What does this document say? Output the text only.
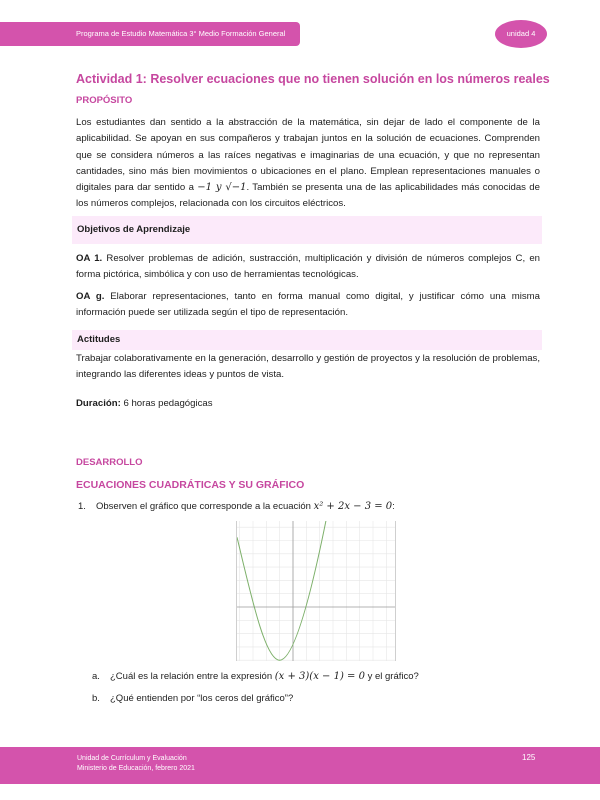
Programa de Estudio Matemática 3° Medio Formación General	unidad 4
Actividad 1: Resolver ecuaciones que no tienen solución en los números reales
PROPÓSITO
Los estudiantes dan sentido a la abstracción de la matemática, sin dejar de lado el componente de la aplicabilidad. Se apoyan en sus compañeros y trabajan juntos en la solución de ecuaciones. Comprenden que se considera números a las raíces negativas e imaginarias de una ecuación, y que no representan cantidades, sino más bien movimientos o ubicaciones en el plano. Emplean representaciones manuales o digitales para dar sentido a −1 y √−1. También se presenta una de las aplicabilidades más conocidas de los números complejos, relacionada con los circuitos eléctricos.
Objetivos de Aprendizaje
OA 1. Resolver problemas de adición, sustracción, multiplicación y división de números complejos C, en forma pictórica, simbólica y con uso de herramientas tecnológicas.
OA g. Elaborar representaciones, tanto en forma manual como digital, y justificar cómo una misma información puede ser utilizada según el tipo de representación.
Actitudes
Trabajar colaborativamente en la generación, desarrollo y gestión de proyectos y la resolución de problemas, integrando las diferentes ideas y puntos de vista.
Duración: 6 horas pedagógicas
DESARROLLO
ECUACIONES CUADRÁTICAS Y SU GRÁFICO
1. Observen el gráfico que corresponde a la ecuación x² + 2x − 3 = 0:
a. ¿Cuál es la relación entre la expresión (x + 3)(x − 1) = 0 y el gráfico?
b. ¿Qué entienden por “los ceros del gráfico”?
Unidad de Currículum y Evaluación
Ministerio de Educación, febrero 2021
125
